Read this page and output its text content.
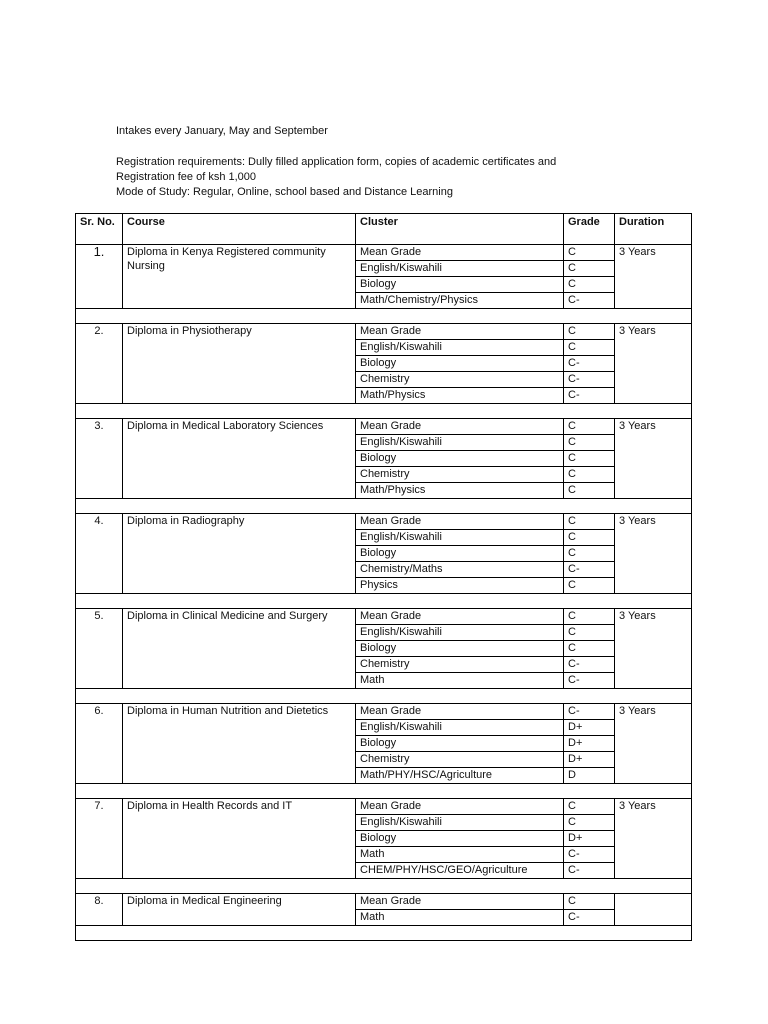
Intakes every January, May and September

Registration requirements: Dully filled application form, copies of academic certificates and

Registration fee of ksh 1,000

Mode of Study: Regular, Online, school based and Distance Learning

Sr. No.	Course	Cluster	Grade	Duration
1.	Diploma in Kenya Registered community Nursing	Mean Grade	C	3 Years
		English/Kiswahili	C	
		Biology	C	
		Math/Chemistry/Physics	C-	

2.	Diploma in Physiotherapy	Mean Grade	C	3 Years
		English/Kiswahili	C	
		Biology	C-	
		Chemistry	C-	
		Math/Physics	C-	

3.	Diploma in Medical Laboratory Sciences	Mean Grade	C	3 Years
		English/Kiswahili	C	
		Biology	C	
		Chemistry	C	
		Math/Physics	C	

4.	Diploma in Radiography	Mean Grade	C	3 Years
		English/Kiswahili	C	
		Biology	C	
		Chemistry/Maths	C-	
		Physics	C	

5.	Diploma in Clinical Medicine and Surgery	Mean Grade	C	3 Years
		English/Kiswahili	C	
		Biology	C	
		Chemistry	C-	
		Math	C-	

6.	Diploma in Human Nutrition and Dietetics	Mean Grade	C-	3 Years
		English/Kiswahili	D+	
		Biology	D+	
		Chemistry	D+	
		Math/PHY/HSC/Agriculture	D	

7.	Diploma in Health Records and IT	Mean Grade	C	3 Years
		English/Kiswahili	C	
		Biology	D+	
		Math	C-	
		CHEM/PHY/HSC/GEO/Agriculture	C-	

8.	Diploma in Medical Engineering	Mean Grade	C	
		Math	C-	
